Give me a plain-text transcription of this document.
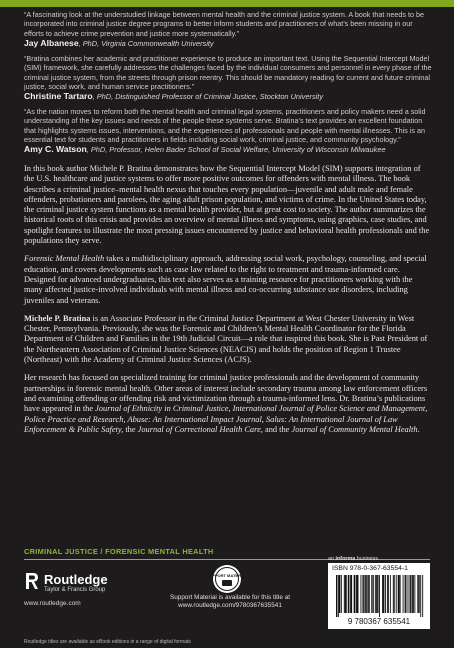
“A fascinating look at the understudied linkage between mental health and the criminal justice system. A book that needs to be incorporated into criminal justice degree programs to better inform students and practitioners of what’s been missing in our efforts to achieve crime prevention and justice more systematically.”

Jay Albanese, PhD, Virginia Commonwealth University

“Bratina combines her academic and practitioner experience to produce an important text. Using the Sequential Intercept Model (SIM) framework, she carefully addresses the challenges faced by the individual consumers and personnel in every phase of the criminal justice system, from the streets through prison reentry. This should be mandatory reading for current and future criminal justice, social work, and human service practitioners.”

Christine Tartaro, PhD, Distinguished Professor of Criminal Justice, Stockton University

“As the nation moves to reform both the mental health and criminal legal systems, practitioners and policy makers need a solid understanding of the key issues and needs of the people these systems serve. Bratina’s text provides an excellent foundation that highlights systems issues, interventions, and the experiences of professionals and people with mental illnesses. This is an essential text for students and practitioners in fields including social work, criminal justice, and community psychology.”

Amy C. Watson, PhD, Professor, Helen Bader School of Social Welfare, University of Wisconsin Milwaukee

In this book author Michele P. Bratina demonstrates how the Sequential Intercept Model (SIM) supports integration of the U.S. healthcare and justice systems to offer more positive outcomes for offenders with mental illness. The book describes a criminal justice–mental health nexus that touches every population—juvenile and adult male and female offenders, probationers and parolees, the aging adult prison population, and victims of crime. In the United States today, the criminal justice system functions as a mental health provider, but at great cost to society. The author summarizes the historical roots of this crisis and provides an overview of mental illness and symptoms, using graphics, case studies, and spotlight features to illustrate the most pressing issues encountered by justice and behavioral health professionals and the populations they serve.

Forensic Mental Health takes a multidisciplinary approach, addressing social work, psychology, counseling, and special education, and covers developments such as case law related to the right to treatment and trauma-informed care. Designed for advanced undergraduates, this text also serves as a training resource for practitioners working with the many affected justice-involved individuals with mental illness and co-occurring substance use disorders, including juveniles and veterans.

Michele P. Bratina is an Associate Professor in the Criminal Justice Department at West Chester University in West Chester, Pennsylvania. Previously, she was the Forensic and Children’s Mental Health Coordinator for the Florida Department of Children and Families in the 19th Judicial Circuit—a role that inspired this book. She is Past President of the Northeastern Association of Criminal Justice Sciences (NEACJS) and holds the position of Region 1 Trustee (Northeast) with the Academy of Criminal Justice Sciences (ACJS).

Her research has focused on specialized training for criminal justice professionals and the development of community partnerships in forensic mental health. Other areas of interest include secondary trauma among law enforcement officers and examining offending or offending risk and victimization through a trauma-informed lens. Dr. Bratina’s publications have appeared in the Journal of Ethnicity in Criminal Justice, International Journal of Police Science and Management, Police Practice and Research, Abuse: An International Impact Journal, Salus: An International Journal of Law Enforcement & Public Safety, the Journal of Correctional Health Care, and the Journal of Community Mental Health.

CRIMINAL JUSTICE / FORENSIC MENTAL HEALTH
Routledge
Taylor & Francis Group
www.routledge.com
SUPPORT MATERIAL
Support Material is available for this title at www.routledge.com/9780367635541
an informa business
ISBN 978-0-367-63554-1
9 780367 635541
Routledge titles are available as eBook editions in a range of digital formats
